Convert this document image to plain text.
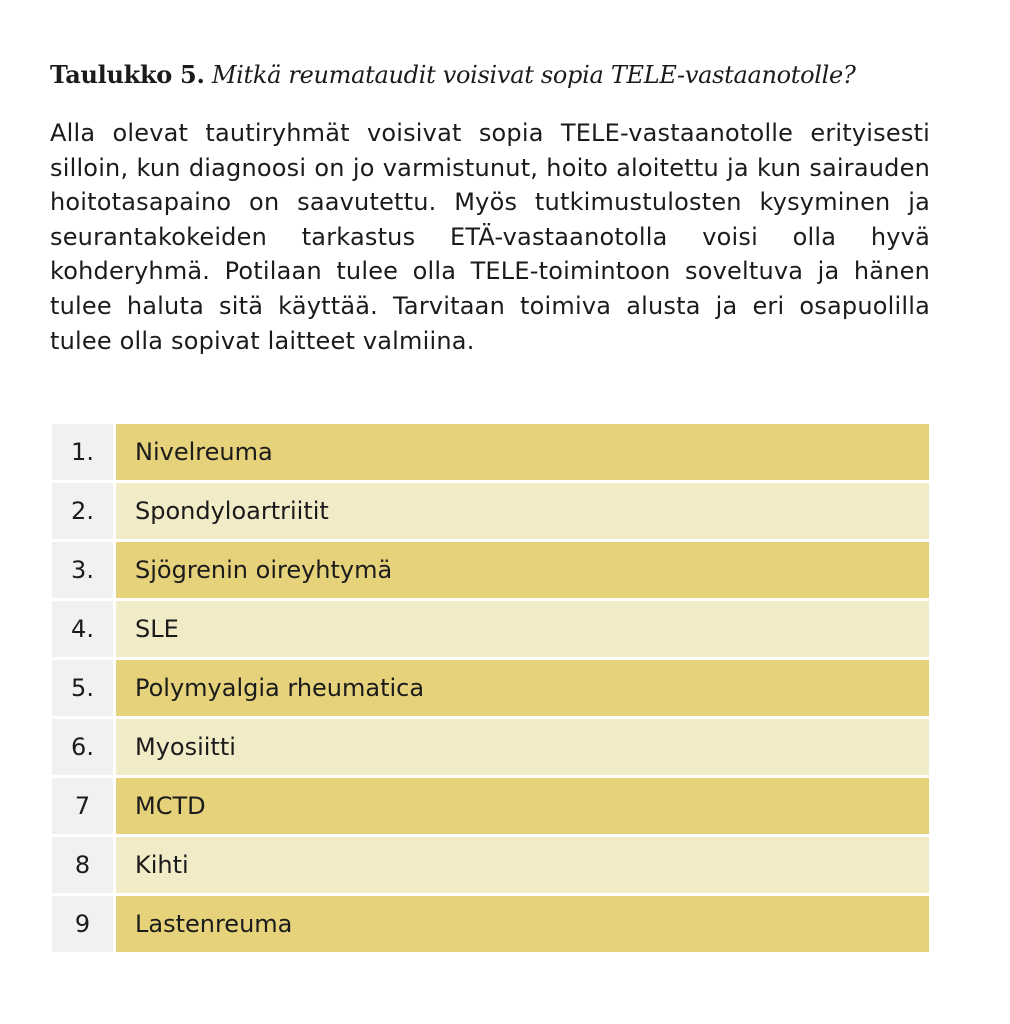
Taulukko 5. Mitkä reumataudit voisivat sopia TELE-vastaanotolle?
Alla olevat tautiryhmät voisivat sopia TELE-vastaanotolle erityisesti silloin, kun diagnoosi on jo varmistunut, hoito aloitettu ja kun sairauden hoitotasapaino on saavutettu. Myös tutkimustulosten kysyminen ja seurantakokeiden tarkastus ETÄ-vastaanotolla voisi olla hyvä kohderyhmä. Potilaan tulee olla TELE-toimintoon soveltuva ja hänen tulee haluta sitä käyttää. Tarvitaan toimiva alusta ja eri osapuolilla tulee olla sopivat laitteet valmiina.
1.	Nivelreuma
2.	Spondyloartriitit
3.	Sjögrenin oireyhtymä
4.	SLE
5.	Polymyalgia rheumatica
6.	Myosiitti
7	MCTD
8	Kihti
9	Lastenreuma
